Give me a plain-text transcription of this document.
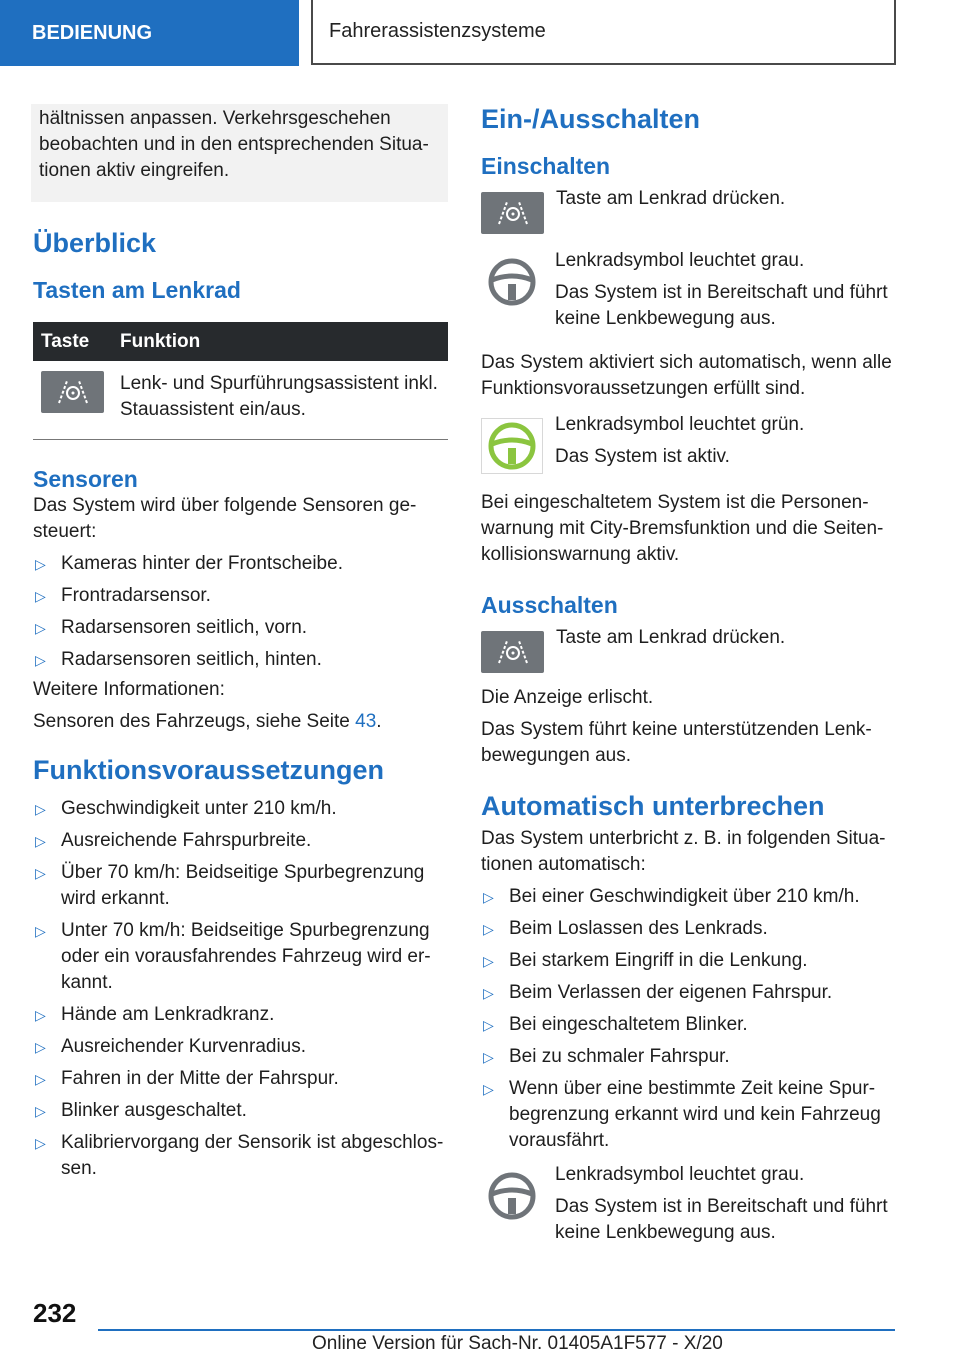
BEDIENUNG	Fahrerassistenzsysteme

hältnissen anpassen. Verkehrsgeschehen

beobachten und in den entsprechenden Situa-

tionen aktiv eingreifen.

Überblick
Tasten am Lenkrad
Taste	Funktion

Lenk- und Spurführungsassistent inkl.
Stauassistent ein/aus.
Sensoren

Das System wird über folgende Sensoren ge-

steuert:

▷ Kameras hinter der Frontscheibe.
▷ Frontradarsensor.
▷ Radarsensoren seitlich, vorn.
▷ Radarsensoren seitlich, hinten.

Weitere Informationen:

Sensoren des Fahrzeugs, siehe Seite 43.

Funktionsvoraussetzungen
▷ Geschwindigkeit unter 210 km/h.
▷ Ausreichende Fahrspurbreite.
▷ Über 70 km/h: Beidseitige Spurbegrenzung
wird erkannt.
▷ Unter 70 km/h: Beidseitige Spurbegrenzung
oder ein vorausfahrendes Fahrzeug wird er-
kannt.
▷ Hände am Lenkradkranz.
▷ Ausreichender Kurvenradius.
▷ Fahren in der Mitte der Fahrspur.
▷ Blinker ausgeschaltet.
▷ Kalibriervorgang der Sensorik ist abgeschlos-
sen.
Ein-/Ausschalten
Einschalten

Taste am Lenkrad drücken.

Lenkradsymbol leuchtet grau.

Das System ist in Bereitschaft und führt

keine Lenkbewegung aus.

Das System aktiviert sich automatisch, wenn alle

Funktionsvoraussetzungen erfüllt sind.

Lenkradsymbol leuchtet grün.

Das System ist aktiv.

Bei eingeschaltetem System ist die Personen-

warnung mit City-Bremsfunktion und die Seiten-

kollisionswarnung aktiv.

Ausschalten

Taste am Lenkrad drücken.

Die Anzeige erlischt.

Das System führt keine unterstützenden Lenk-

bewegungen aus.

Automatisch unterbrechen

Das System unterbricht z. B. in folgenden Situa-

tionen automatisch:

▷ Bei einer Geschwindigkeit über 210 km/h.
▷ Beim Loslassen des Lenkrads.
▷ Bei starkem Eingriff in die Lenkung.
▷ Beim Verlassen der eigenen Fahrspur.
▷ Bei eingeschaltetem Blinker.
▷ Bei zu schmaler Fahrspur.
▷ Wenn über eine bestimmte Zeit keine Spur-
begrenzung erkannt wird und kein Fahrzeug
vorausfährt.

Lenkradsymbol leuchtet grau.

Das System ist in Bereitschaft und führt

keine Lenkbewegung aus.

232
Online Version für Sach-Nr. 01405A1F577 - X/20
